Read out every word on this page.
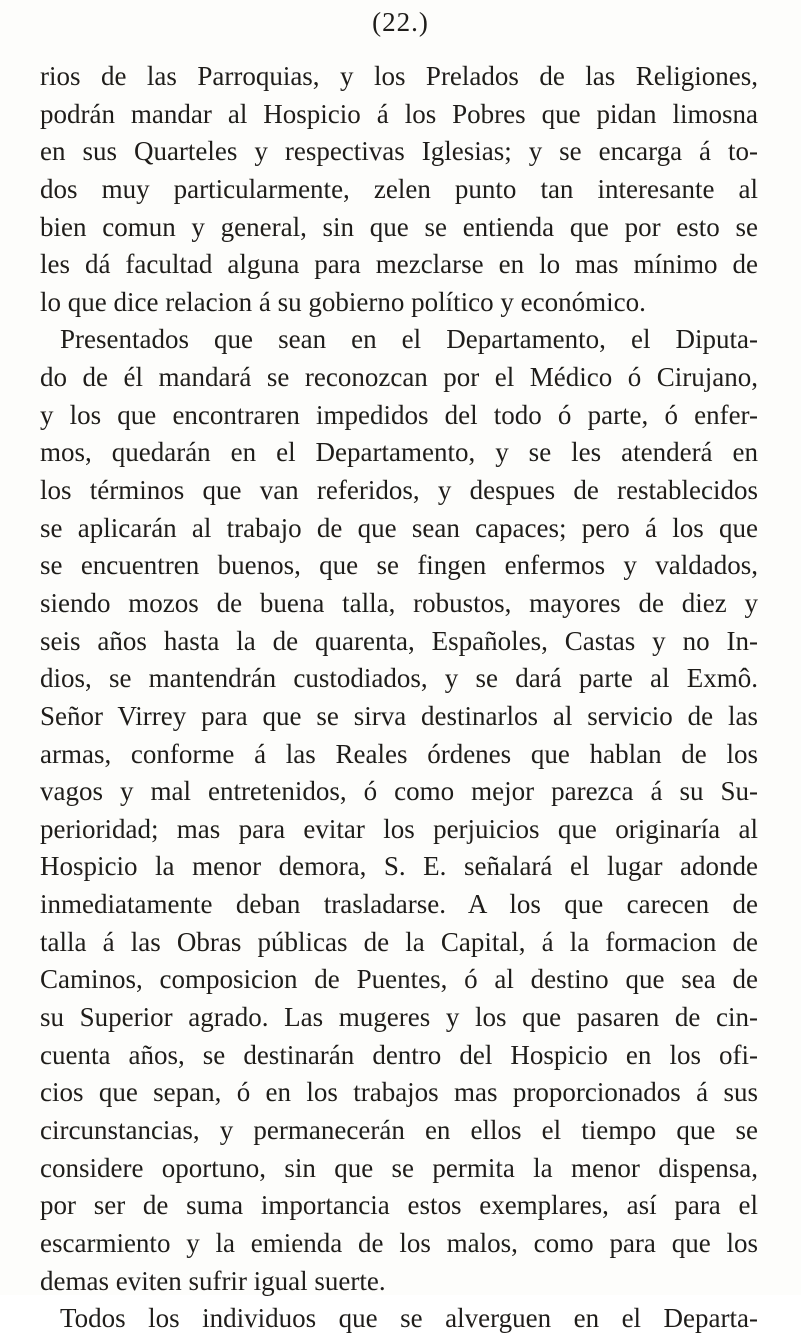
(22.)
rios de las Parroquias, y los Prelados de las Religiones,
podrán mandar al Hospicio á los Pobres que pidan limosna
en sus Quarteles y respectivas Iglesias; y se encarga á to-
dos muy particularmente, zelen punto tan interesante al
bien comun y general, sin que se entienda que por esto se
les dá facultad alguna para mezclarse en lo mas mínimo de
lo que dice relacion á su gobierno político y económico.
Presentados que sean en el Departamento, el Diputa-
do de él mandará se reconozcan por el Médico ó Cirujano,
y los que encontraren impedidos del todo ó parte, ó enfer-
mos, quedarán en el Departamento, y se les atenderá en
los términos que van referidos, y despues de restablecidos
se aplicarán al trabajo de que sean capaces; pero á los que
se encuentren buenos, que se fingen enfermos y valdados,
siendo mozos de buena talla, robustos, mayores de diez y
seis años hasta la de quarenta, Españoles, Castas y no In-
dios, se mantendrán custodiados, y se dará parte al Exmô.
Señor Virrey para que se sirva destinarlos al servicio de las
armas, conforme á las Reales órdenes que hablan de los
vagos y mal entretenidos, ó como mejor parezca á su Su-
perioridad; mas para evitar los perjuicios que originaría al
Hospicio la menor demora, S. E. señalará el lugar adonde
inmediatamente deban trasladarse. A los que carecen de
talla á las Obras públicas de la Capital, á la formacion de
Caminos, composicion de Puentes, ó al destino que sea de
su Superior agrado. Las mugeres y los que pasaren de cin-
cuenta años, se destinarán dentro del Hospicio en los ofi-
cios que sepan, ó en los trabajos mas proporcionados á sus
circunstancias, y permanecerán en ellos el tiempo que se
considere oportuno, sin que se permita la menor dispensa,
por ser de suma importancia estos exemplares, así para el
escarmiento y la emienda de los malos, como para que los
demas eviten sufrir igual suerte.
Todos los individuos que se alverguen en el Departa-
